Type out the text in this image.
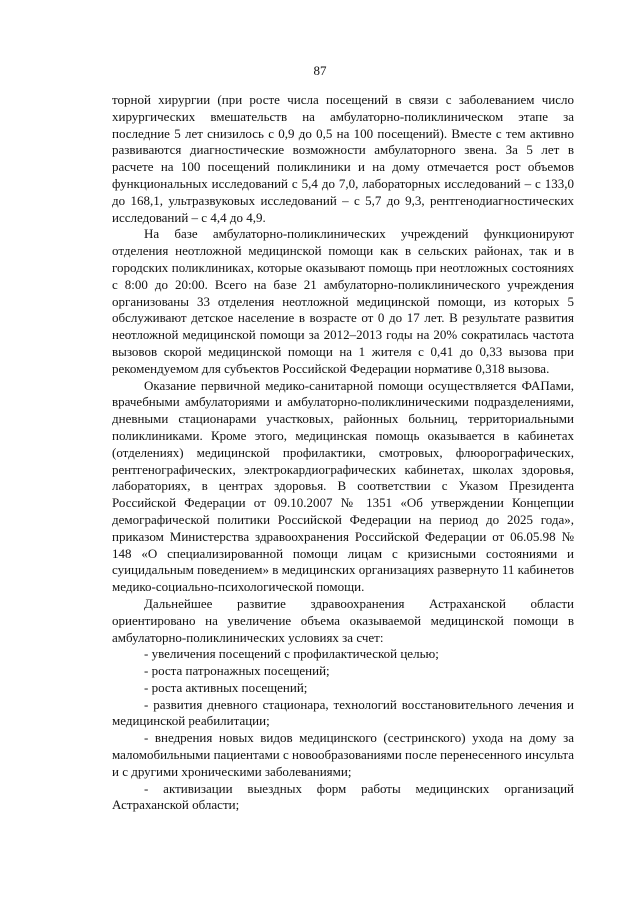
87

торной хирургии (при росте числа посещений в связи с заболеванием число хирургических вмешательств на амбулаторно-поликлиническом этапе за последние 5 лет снизилось с 0,9 до 0,5 на 100 посещений). Вместе с тем активно развиваются диагностические возможности амбулаторного звена. За 5 лет в расчете на 100 посещений поликлиники и на дому отмечается рост объемов функциональных исследований с 5,4 до 7,0, лабораторных исследований – с 133,0 до 168,1, ультразвуковых исследований – с 5,7 до 9,3, рентгенодиагностических исследований – с 4,4 до 4,9.

На базе амбулаторно-поликлинических учреждений функционируют отделения неотложной медицинской помощи как в сельских районах, так и в городских поликлиниках, которые оказывают помощь при неотложных состояниях с 8:00 до 20:00. Всего на базе 21 амбулаторно-поликлинического учреждения организованы 33 отделения неотложной медицинской помощи, из которых 5 обслуживают детское население в возрасте от 0 до 17 лет. В результате развития неотложной медицинской помощи за 2012–2013 годы на 20% сократилась частота вызовов скорой медицинской помощи на 1 жителя с 0,41 до 0,33 вызова при рекомендуемом для субъектов Российской Федерации нормативе 0,318 вызова.

Оказание первичной медико-санитарной помощи осуществляется ФАПами, врачебными амбулаториями и амбулаторно-поликлиническими подразделениями, дневными стационарами участковых, районных больниц, территориальными поликлиниками. Кроме этого, медицинская помощь оказывается в кабинетах (отделениях) медицинской профилактики, смотровых, флюорографических, рентгенографических, электрокардиографических кабинетах, школах здоровья, лабораториях, в центрах здоровья. В соответствии с Указом Президента Российской Федерации от 09.10.2007 № 1351 «Об утверждении Концепции демографической политики Российской Федерации на период до 2025 года», приказом Министерства здравоохранения Российской Федерации от 06.05.98 № 148 «О специализированной помощи лицам с кризисными состояниями и суицидальным поведением» в медицинских организациях развернуто 11 кабинетов медико-социально-психологической помощи.

Дальнейшее развитие здравоохранения Астраханской области ориентировано на увеличение объема оказываемой медицинской помощи в амбулаторно-поликлинических условиях за счет:

- увеличения посещений с профилактической целью;

- роста патронажных посещений;

- роста активных посещений;

- развития дневного стационара, технологий восстановительного лечения и медицинской реабилитации;

- внедрения новых видов медицинского (сестринского) ухода на дому за маломобильными пациентами с новообразованиями после перенесенного инсульта и с другими хроническими заболеваниями;

- активизации выездных форм работы медицинских организаций Астраханской области;
